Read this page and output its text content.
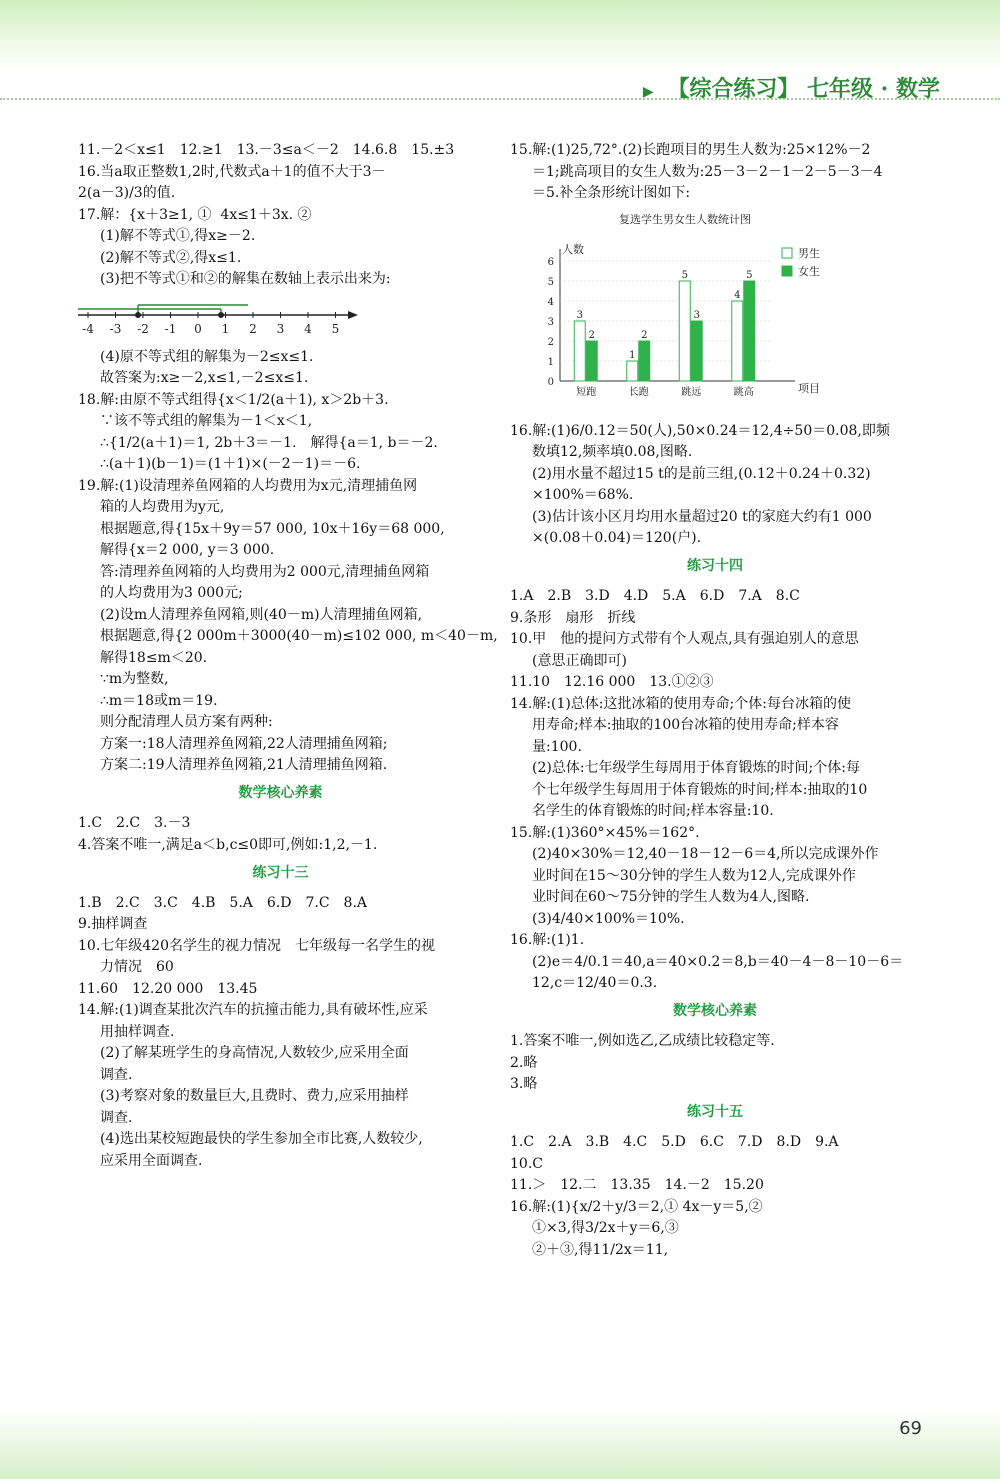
▶ 【综合练习】 七年级 · 数学
11.－2＜x≤1　12.≥1　13.－3≤a＜－2　14.6.8　15.±3
16.当a取正整数1,2时,代数式a＋1的值不大于3－
2(a－3)/3的值.
17.解：{x＋3≥1, ①  4x≤1＋3x. ②
(1)解不等式①,得x≥－2.
(2)解不等式②,得x≤1.
(3)把不等式①和②的解集在数轴上表示出来为:
-4 -3 -2 -1 0 1 2 3 4 5
(4)原不等式组的解集为－2≤x≤1.
故答案为:x≥－2,x≤1,－2≤x≤1.
18.解:由原不等式组得{x＜1/2(a＋1), x＞2b＋3.
∵该不等式组的解集为－1＜x＜1,
∴{1/2(a＋1)＝1, 2b＋3＝－1.　解得{a＝1, b＝－2.
∴(a＋1)(b－1)＝(1＋1)×(－2－1)＝－6.
19.解:(1)设清理养鱼网箱的人均费用为x元,清理捕鱼网
箱的人均费用为y元,
根据题意,得{15x＋9y＝57 000, 10x＋16y＝68 000,
解得{x＝2 000, y＝3 000.
答:清理养鱼网箱的人均费用为2 000元,清理捕鱼网箱
的人均费用为3 000元;
(2)设m人清理养鱼网箱,则(40－m)人清理捕鱼网箱,
根据题意,得{2 000m＋3000(40－m)≤102 000, m＜40－m,
解得18≤m＜20.
∵m为整数,
∴m＝18或m＝19.
则分配清理人员方案有两种:
方案一:18人清理养鱼网箱,22人清理捕鱼网箱;
方案二:19人清理养鱼网箱,21人清理捕鱼网箱.
数学核心养素
1.C　2.C　3.－3
4.答案不唯一,满足a＜b,c≤0即可,例如:1,2,－1.
练习十三
1.B　2.C　3.C　4.B　5.A　6.D　7.C　8.A
9.抽样调查
10.七年级420名学生的视力情况　七年级每一名学生的视
力情况　60
11.60　12.20 000　13.45
14.解:(1)调查某批次汽车的抗撞击能力,具有破坏性,应采
用抽样调查.
(2)了解某班学生的身高情况,人数较少,应采用全面
调查.
(3)考察对象的数量巨大,且费时、费力,应采用抽样
调查.
(4)选出某校短跑最快的学生参加全市比赛,人数较少,
应采用全面调查.
15.解:(1)25,72°.(2)长跑项目的男生人数为:25×12%－2
＝1;跳高项目的女生人数为:25－3－2－1－2－5－3－4
＝5.补全条形统计图如下:
复选学生男女生人数统计图
人数
项目
0
1
2
3
4
5
6
3
2
短跑
1
2
长跑
5
3
跳远
4
5
跳高
男生
女生
16.解:(1)6/0.12＝50(人),50×0.24＝12,4÷50＝0.08,即频
数填12,频率填0.08,图略.
(2)用水量不超过15 t的是前三组,(0.12＋0.24＋0.32)
×100%＝68%.
(3)估计该小区月均用水量超过20 t的家庭大约有1 000
×(0.08＋0.04)＝120(户).
练习十四
1.A　2.B　3.D　4.D　5.A　6.D　7.A　8.C
9.条形　扇形　折线
10.甲　他的提问方式带有个人观点,具有强迫别人的意思
(意思正确即可)
11.10　12.16 000　13.①②③
14.解:(1)总体:这批冰箱的使用寿命;个体:每台冰箱的使
用寿命;样本:抽取的100台冰箱的使用寿命;样本容
量:100.
(2)总体:七年级学生每周用于体育锻炼的时间;个体:每
个七年级学生每周用于体育锻炼的时间;样本:抽取的10
名学生的体育锻炼的时间;样本容量:10.
15.解:(1)360°×45%＝162°.
(2)40×30%＝12,40－18－12－6＝4,所以完成课外作
业时间在15～30分钟的学生人数为12人,完成课外作
业时间在60～75分钟的学生人数为4人,图略.
(3)4/40×100%＝10%.
16.解:(1)1.
(2)e＝4/0.1＝40,a＝40×0.2＝8,b＝40－4－8－10－6＝
12,c＝12/40＝0.3.
数学核心养素
1.答案不唯一,例如选乙,乙成绩比较稳定等.
2.略
3.略
练习十五
1.C　2.A　3.B　4.C　5.D　6.C　7.D　8.D　9.A
10.C
11.＞　12.二　13.35　14.－2　15.20
16.解:(1){x/2＋y/3＝2,① 4x－y＝5,②
①×3,得3/2x＋y＝6,③
②＋③,得11/2x＝11,
69
